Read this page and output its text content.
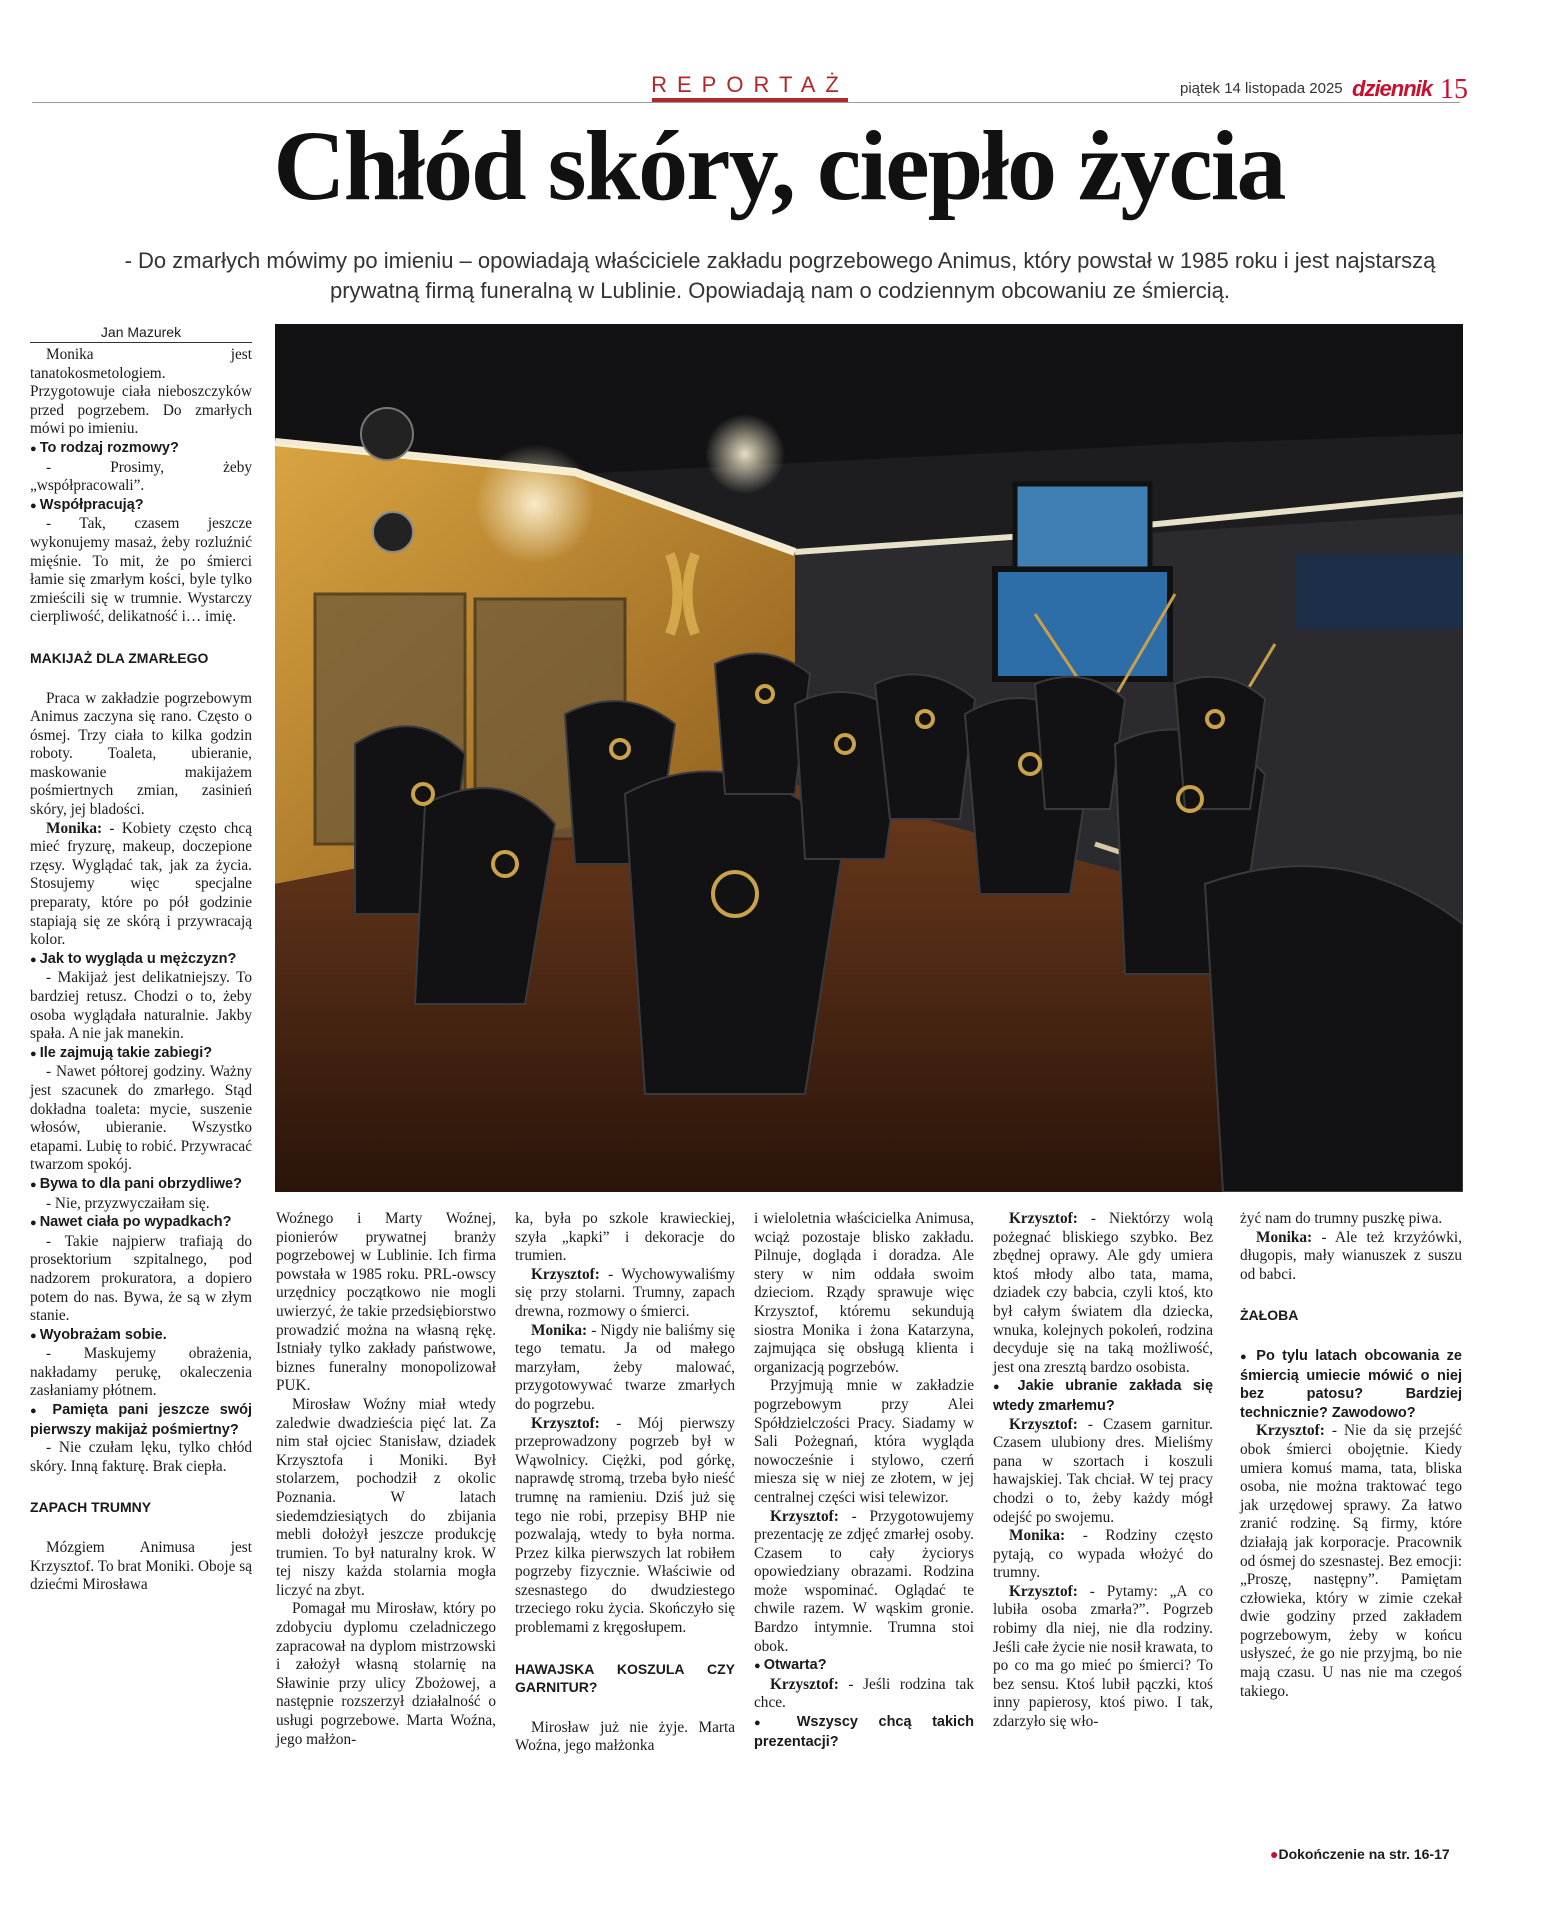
REPORTAŻ	piątek 14 listopada 2025 dziennik 15
Chłód skóry, ciepło życia
- Do zmarłych mówimy po imieniu – opowiadają właściciele zakładu pogrzebowego Animus, który powstał w 1985 roku i jest najstarszą prywatną firmą funeralną w Lublinie. Opowiadają nam o codziennym obcowaniu ze śmiercią.
Jan Mazurek

Monika jest tanatokosmetologiem. Przygotowuje ciała nieboszczyków przed pogrzebem. Do zmarłych mówi po imieniu.

● To rodzaj rozmowy?

- Prosimy, żeby „współpracowali”.

● Współpracują?

- Tak, czasem jeszcze wykonujemy masaż, żeby rozluźnić mięśnie. To mit, że po śmierci łamie się zmarłym kości, byle tylko zmieścili się w trumnie. Wystarczy cierpliwość, delikatność i… imię.

MAKIJAŻ DLA ZMARŁEGO

Praca w zakładzie pogrzebowym Animus zaczyna się rano. Często o ósmej. Trzy ciała to kilka godzin roboty. Toaleta, ubieranie, maskowanie makijażem pośmiertnych zmian, zasinień skóry, jej bladości.

Monika: - Kobiety często chcą mieć fryzurę, makeup, doczepione rzęsy. Wyglądać tak, jak za życia. Stosujemy więc specjalne preparaty, które po pół godzinie stapiają się ze skórą i przywracają kolor.

● Jak to wygląda u mężczyzn?

- Makijaż jest delikatniejszy. To bardziej retusz. Chodzi o to, żeby osoba wyglądała naturalnie. Jakby spała. A nie jak manekin.

● Ile zajmują takie zabiegi?

- Nawet półtorej godziny. Ważny jest szacunek do zmarłego. Stąd dokładna toaleta: mycie, suszenie włosów, ubieranie. Wszystko etapami. Lubię to robić. Przywracać twarzom spokój.

● Bywa to dla pani obrzydliwe?

- Nie, przyzwyczaiłam się.

● Nawet ciała po wypadkach?

- Takie najpierw trafiają do prosektorium szpitalnego, pod nadzorem prokuratora, a dopiero potem do nas. Bywa, że są w złym stanie.

● Wyobrażam sobie.

- Maskujemy obrażenia, nakładamy perukę, okaleczenia zasłaniamy płótnem.

● Pamięta pani jeszcze swój pierwszy makijaż pośmiertny?

- Nie czułam lęku, tylko chłód skóry. Inną fakturę. Brak ciepła.

ZAPACH TRUMNY

Mózgiem Animusa jest Krzysztof. To brat Moniki. Oboje są dziećmi Mirosława

Woźnego i Marty Woźnej, pionierów prywatnej branży pogrzebowej w Lublinie. Ich firma powstała w 1985 roku. PRL-owscy urzędnicy początkowo nie mogli uwierzyć, że takie przedsiębiorstwo prowadzić można na własną rękę. Istniały tylko zakłady państwowe, biznes funeralny monopolizował PUK.

Mirosław Woźny miał wtedy zaledwie dwadzieścia pięć lat. Za nim stał ojciec Stanisław, dziadek Krzysztofa i Moniki. Był stolarzem, pochodził z okolic Poznania. W latach siedemdziesiątych do zbijania mebli dołożył jeszcze produkcję trumien. To był naturalny krok. W tej niszy każda stolarnia mogła liczyć na zbyt.

Pomagał mu Mirosław, który po zdobyciu dyplomu czeladniczego zapracował na dyplom mistrzowski i założył własną stolarnię na Sławinie przy ulicy Zbożowej, a następnie rozszerzył działalność o usługi pogrzebowe. Marta Woźna, jego małżon-

ka, była po szkole krawieckiej, szyła „kapki” i dekoracje do trumien.

Krzysztof: - Wychowywaliśmy się przy stolarni. Trumny, zapach drewna, rozmowy o śmierci.

Monika: - Nigdy nie baliśmy się tego tematu. Ja od małego marzyłam, żeby malować, przygotowywać twarze zmarłych do pogrzebu.

Krzysztof: - Mój pierwszy przeprowadzony pogrzeb był w Wąwolnicy. Ciężki, pod górkę, naprawdę stromą, trzeba było nieść trumnę na ramieniu. Dziś już się tego nie robi, przepisy BHP nie pozwalają, wtedy to była norma. Przez kilka pierwszych lat robiłem pogrzeby fizycznie. Właściwie od szesnastego do dwudziestego trzeciego roku życia. Skończyło się problemami z kręgosłupem.

HAWAJSKA KOSZULA CZY GARNITUR?

Mirosław już nie żyje. Marta Woźna, jego małżonka

i wieloletnia właścicielka Animusa, wciąż pozostaje blisko zakładu. Pilnuje, dogląda i doradza. Ale stery w nim oddała swoim dzieciom. Rządy sprawuje więc Krzysztof, któremu sekundują siostra Monika i żona Katarzyna, zajmująca się obsługą klienta i organizacją pogrzebów.

Przyjmują mnie w zakładzie pogrzebowym przy Alei Spółdzielczości Pracy. Siadamy w Sali Pożegnań, która wygląda nowocześnie i stylowo, czerń miesza się w niej ze złotem, w jej centralnej części wisi telewizor.

Krzysztof: - Przygotowujemy prezentację ze zdjęć zmarłej osoby. Czasem to cały życiorys opowiedziany obrazami. Rodzina może wspominać. Oglądać te chwile razem. W wąskim gronie. Bardzo intymnie. Trumna stoi obok.

● Otwarta?

Krzysztof: - Jeśli rodzina tak chce.

● Wszyscy chcą takich prezentacji?

Krzysztof: - Niektórzy wolą pożegnać bliskiego szybko. Bez zbędnej oprawy. Ale gdy umiera ktoś młody albo tata, mama, dziadek czy babcia, czyli ktoś, kto był całym światem dla dziecka, wnuka, kolejnych pokoleń, rodzina decyduje się na taką możliwość, jest ona zresztą bardzo osobista.

● Jakie ubranie zakłada się wtedy zmarłemu?

Krzysztof: - Czasem garnitur. Czasem ulubiony dres. Mieliśmy pana w szortach i koszuli hawajskiej. Tak chciał. W tej pracy chodzi o to, żeby każdy mógł odejść po swojemu.

Monika: - Rodziny często pytają, co wypada włożyć do trumny.

Krzysztof: - Pytamy: „A co lubiła osoba zmarła?”. Pogrzeb robimy dla niej, nie dla rodziny. Jeśli całe życie nie nosił krawata, to po co ma go mieć po śmierci? To bez sensu. Ktoś lubił pączki, ktoś inny papierosy, ktoś piwo. I tak, zdarzyło się wło-

żyć nam do trumny puszkę piwa.

Monika: - Ale też krzyżówki, długopis, mały wianuszek z suszu od babci.

ŻAŁOBA

● Po tylu latach obcowania ze śmiercią umiecie mówić o niej bez patosu? Bardziej technicznie? Zawodowo?

Krzysztof: - Nie da się przejść obok śmierci obojętnie. Kiedy umiera komuś mama, tata, bliska osoba, nie można traktować tego jak urzędowej sprawy. Za łatwo zranić rodzinę. Są firmy, które działają jak korporacje. Pracownik od ósmej do szesnastej. Bez emocji: „Proszę, następny”. Pamiętam człowieka, który w zimie czekał dwie godziny przed zakładem pogrzebowym, żeby w końcu usłyszeć, że go nie przyjmą, bo nie mają czasu. U nas nie ma czegoś takiego.

● Dokończenie na str. 16-17
